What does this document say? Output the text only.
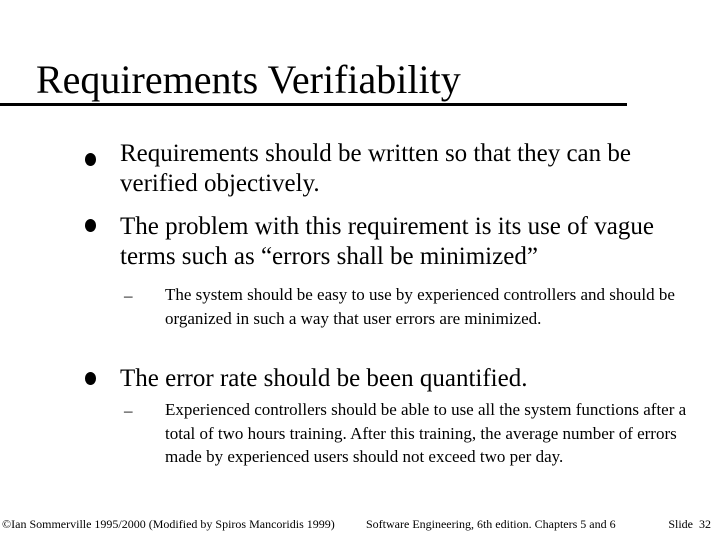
Requirements Verifiability
Requirements should be written so that they can be verified objectively.
The problem with this requirement is its use of vague terms such as “errors shall be minimized”
– The system should be easy to use by experienced controllers and should be organized in such a way that user errors are minimized.
The error rate should be been quantified.
– Experienced controllers should be able to use all the system functions after a total of two hours training. After this training, the average number of errors made by experienced users should not exceed two per day.
©Ian Sommerville 1995/2000 (Modified by Spiros Mancoridis 1999)	Software Engineering, 6th edition. Chapters 5 and 6	Slide  32
